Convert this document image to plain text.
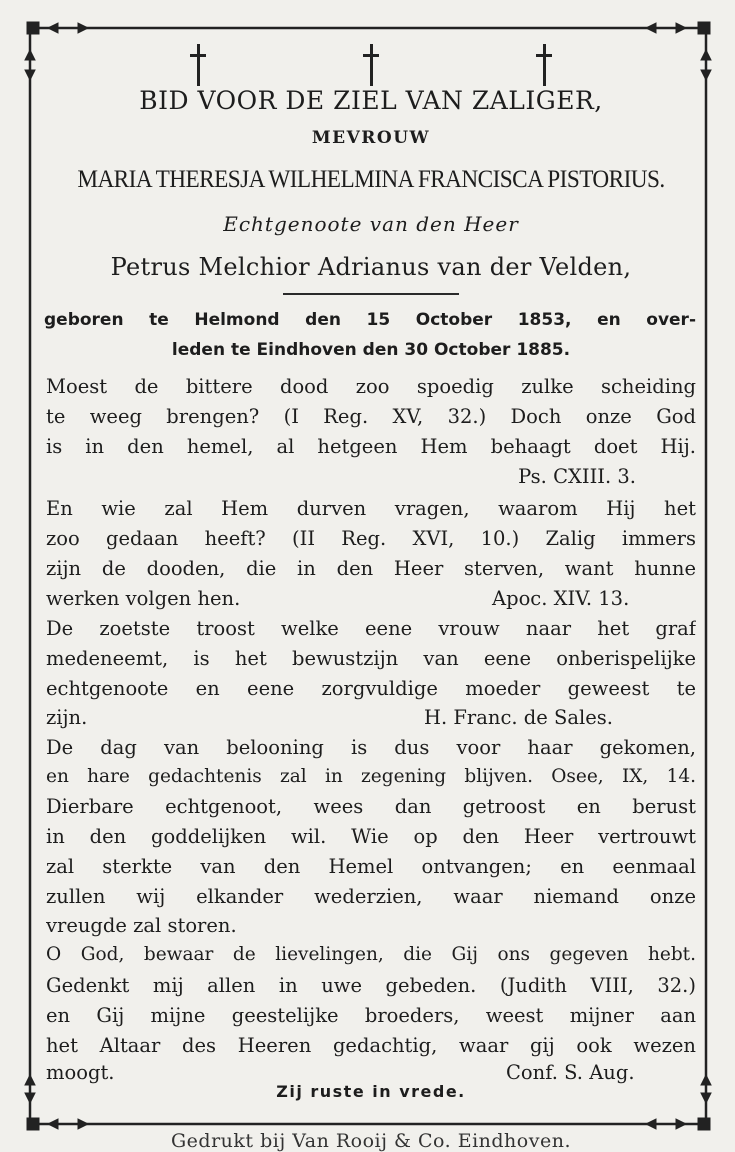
BID VOOR DE ZIEL VAN ZALIGER,
MEVROUW
MARIA THERESJA WILHELMINA FRANCISCA PISTORIUS.
Echtgenoote van den Heer
Petrus Melchior Adrianus van der Velden,
geboren te Helmond den 15 October 1853, en over-
leden te Eindhoven den 30 October 1885.
Moest de bittere dood zoo spoedig zulke scheiding
te weeg brengen? (I Reg. XV, 32.) Doch onze God
is in den hemel, al hetgeen Hem behaagt doet Hij.
Ps. CXIII. 3.
En wie zal Hem durven vragen, waarom Hij het
zoo gedaan heeft? (II Reg. XVI, 10.) Zalig immers
zijn de dooden, die in den Heer sterven, want hunne
werken volgen hen.	Apoc. XIV. 13.
De zoetste troost welke eene vrouw naar het graf
medeneemt, is het bewustzijn van eene onberispelijke
echtgenoote en eene zorgvuldige moeder geweest te
zijn.	H. Franc. de Sales.
De dag van belooning is dus voor haar gekomen,
en hare gedachtenis zal in zegening blijven. Osee, IX, 14.
Dierbare echtgenoot, wees dan getroost en berust
in den goddelijken wil. Wie op den Heer vertrouwt
zal sterkte van den Hemel ontvangen; en eenmaal
zullen wij elkander wederzien, waar niemand onze
vreugde zal storen.
O God, bewaar de lievelingen, die Gij ons gegeven hebt.
Gedenkt mij allen in uwe gebeden. (Judith VIII, 32.)
en Gij mijne geestelijke broeders, weest mijner aan
het Altaar des Heeren gedachtig, waar gij ook wezen
moogt.	Conf. S. Aug.
Zij ruste in vrede.
Gedrukt bij Van Rooij & Co. Eindhoven.
